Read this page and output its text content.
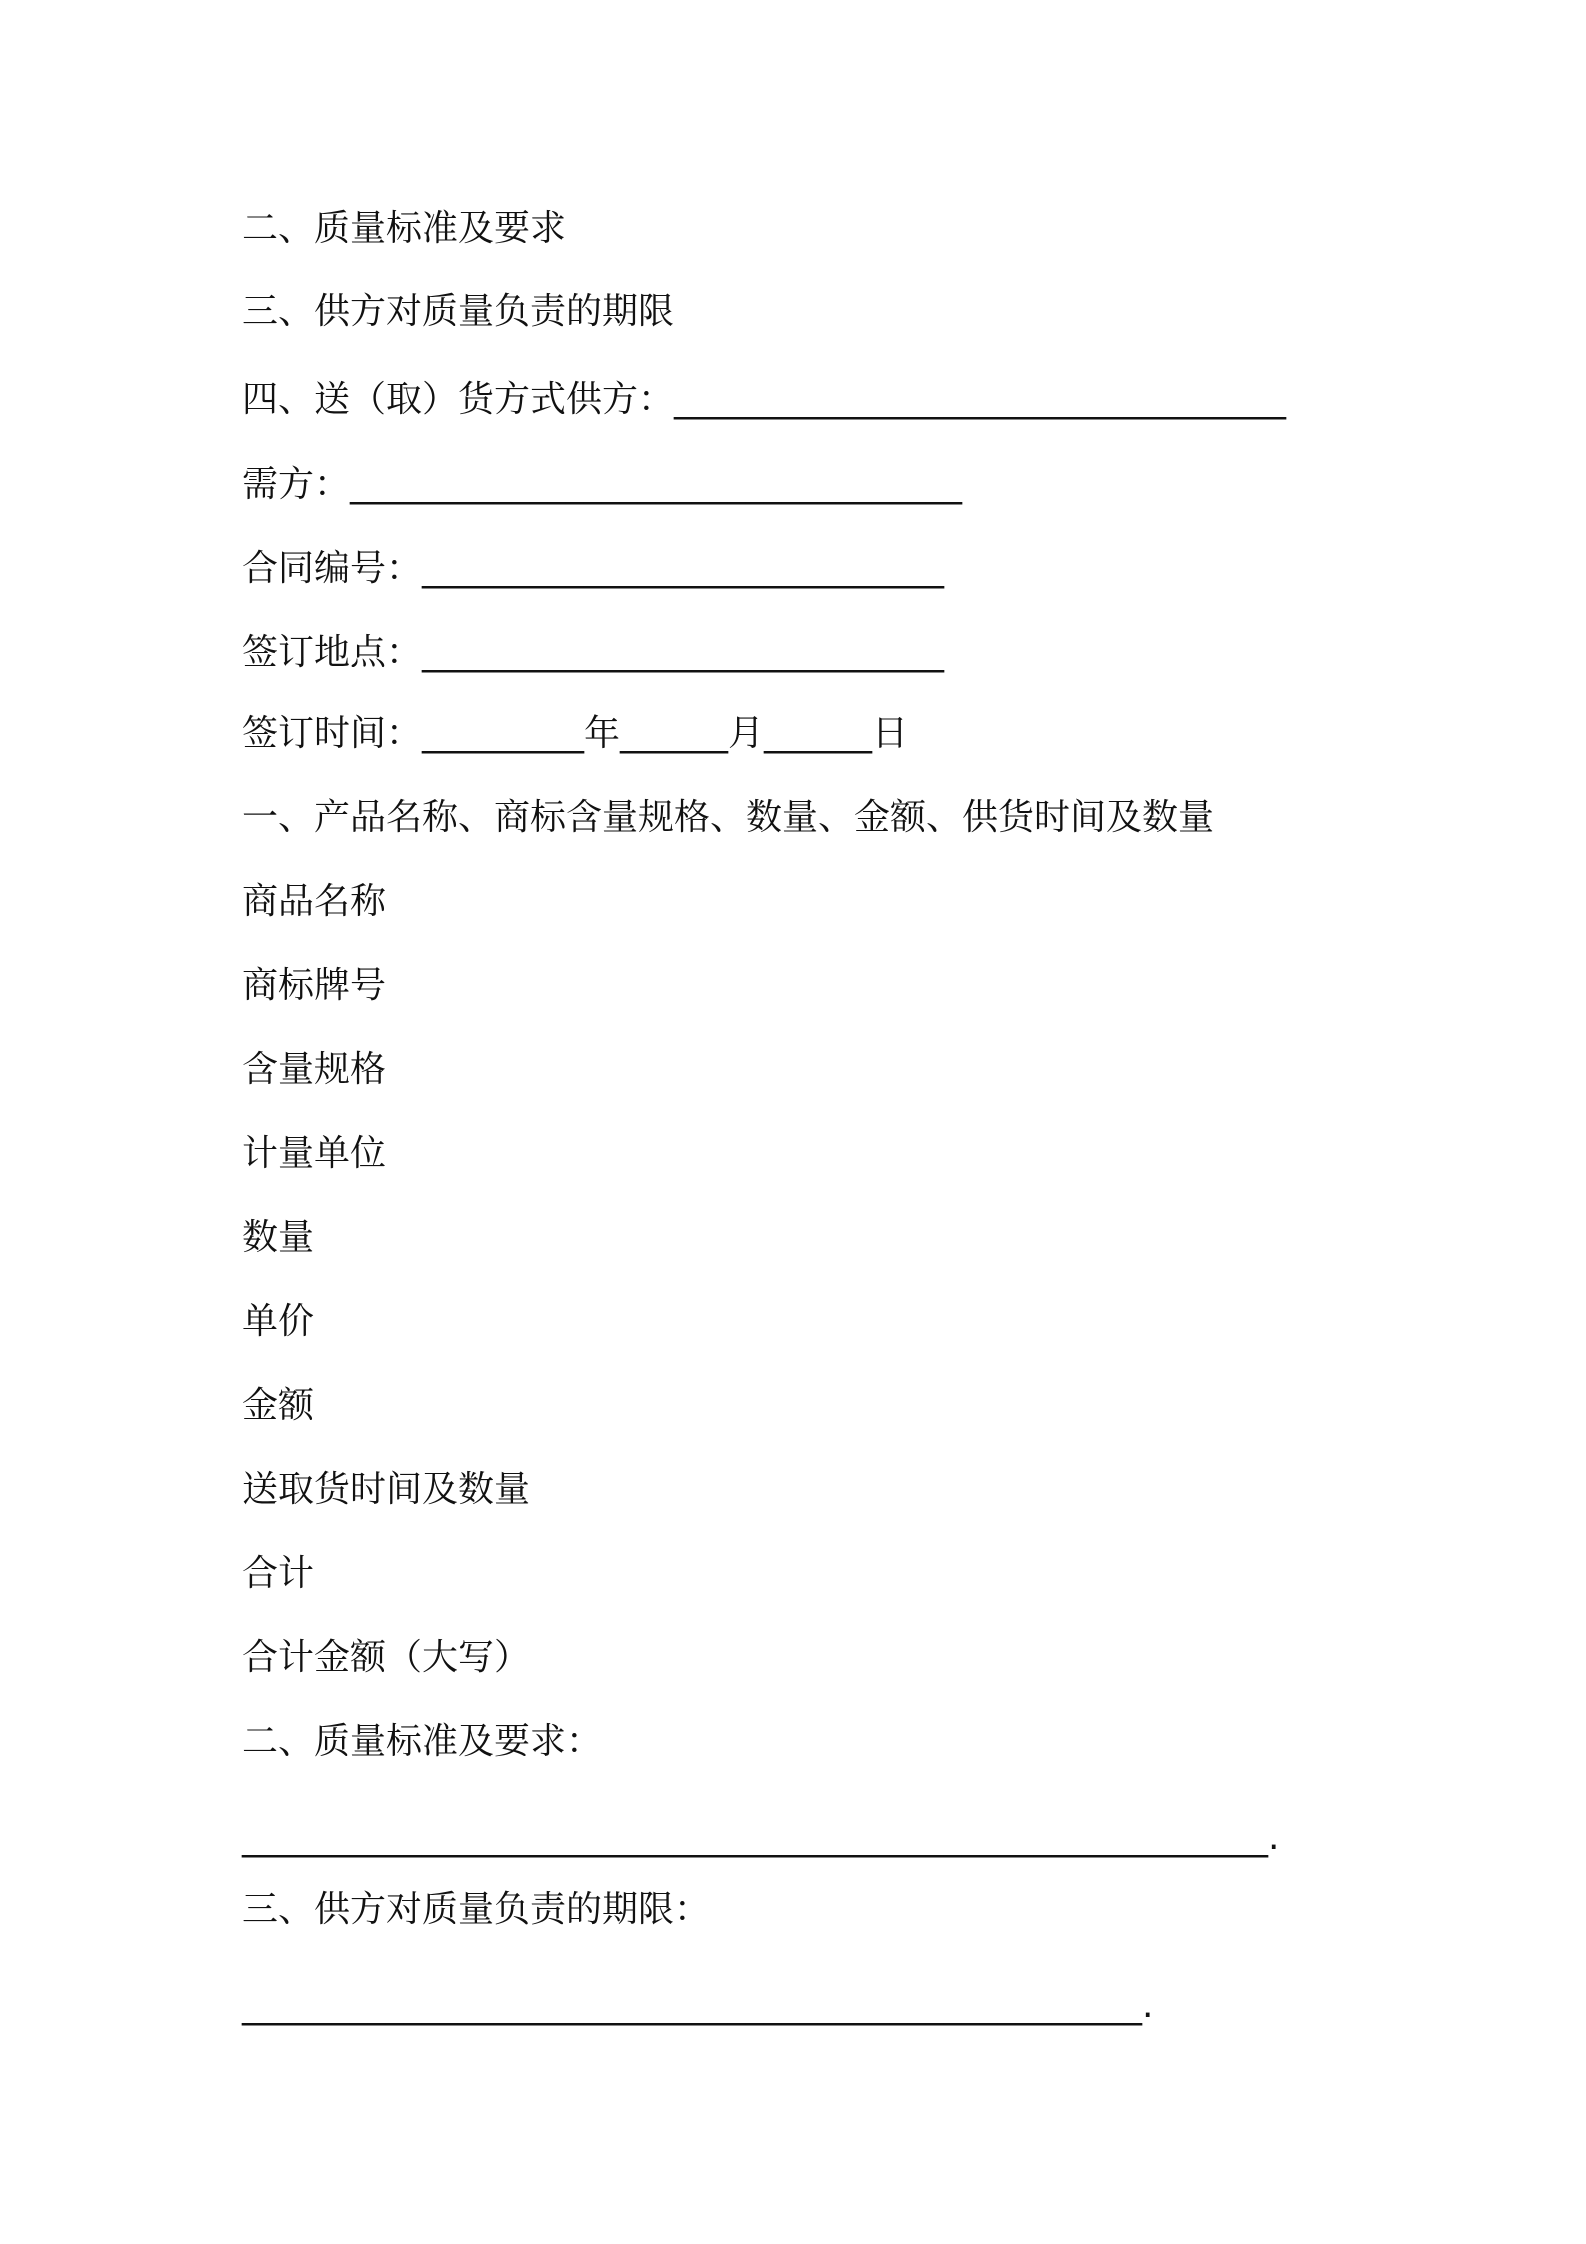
二、质量标准及要求
三、供方对质量负责的期限
四、送（取）货方式供方：__________________________________
需方：__________________________________
合同编号：_____________________________
签订地点：_____________________________
签订时间：_________年______月______日
一、产品名称、商标含量规格、数量、金额、供货时间及数量
商品名称
商标牌号
含量规格
计量单位
数量
单价
金额
送取货时间及数量
合计
合计金额（大写）
二、质量标准及要求：
_________________________________________________________.
三、供方对质量负责的期限：
__________________________________________________.
